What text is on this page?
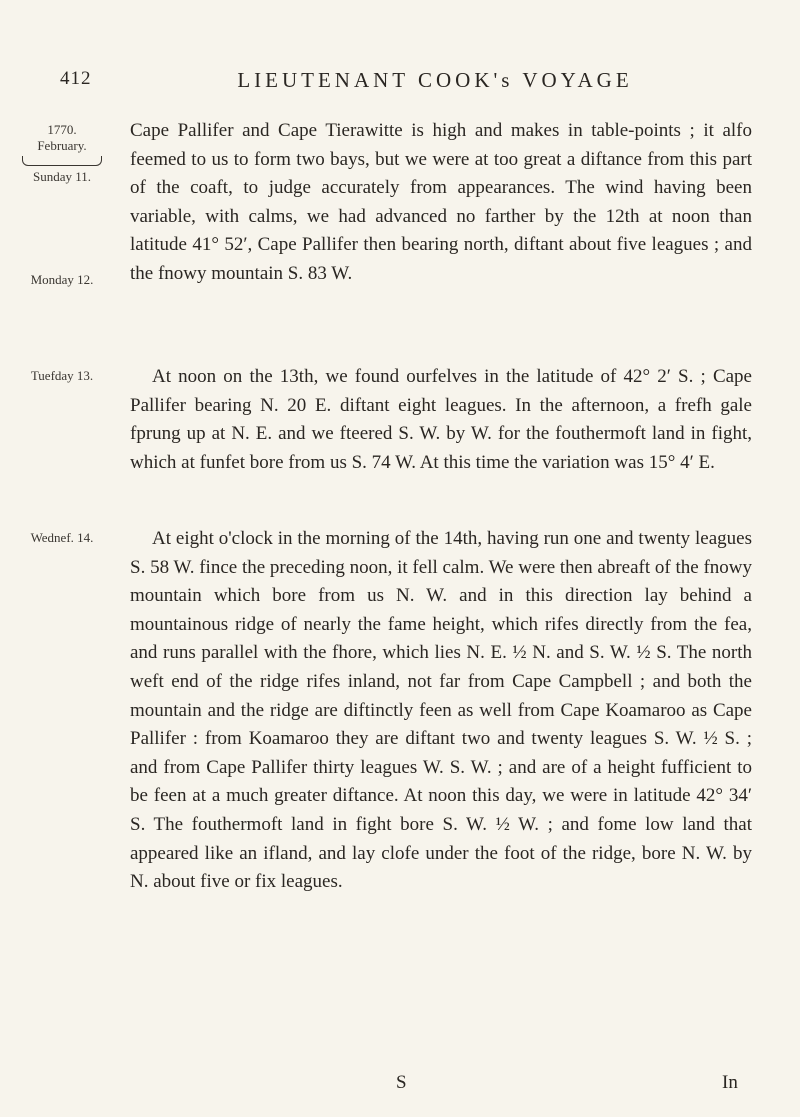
412	LIEUTENANT COOK's VOYAGE
1770.
February.
Sunday 11.
Monday 12.
Tuefday 13.
Wednef. 14.

Cape Pallifer and Cape Tierawitte is high and makes in table-points ; it alfo feemed to us to form two bays, but we were at too great a diftance from this part of the coaft, to judge accurately from appearances. The wind having been variable, with calms, we had advanced no farther by the 12th at noon than latitude 41° 52′, Cape Pallifer then bearing north, diftant about five leagues ; and the fnowy mountain S. 83 W.

At noon on the 13th, we found ourfelves in the latitude of 42° 2′ S. ; Cape Pallifer bearing N. 20 E. diftant eight leagues. In the afternoon, a frefh gale fprung up at N. E. and we fteered S. W. by W. for the fouthermoft land in fight, which at funfet bore from us S. 74 W. At this time the variation was 15° 4′ E.

At eight o'clock in the morning of the 14th, having run one and twenty leagues S. 58 W. fince the preceding noon, it fell calm. We were then abreaft of the fnowy mountain which bore from us N. W. and in this direction lay behind a mountainous ridge of nearly the fame height, which rifes directly from the fea, and runs parallel with the fhore, which lies N. E. ½ N. and S. W. ½ S. The north weft end of the ridge rifes inland, not far from Cape Campbell ; and both the mountain and the ridge are diftinctly feen as well from Cape Koamaroo as Cape Pallifer : from Koamaroo they are diftant two and twenty leagues S. W. ½ S. ; and from Cape Pallifer thirty leagues W. S. W. ; and are of a height fufficient to be feen at a much greater diftance. At noon this day, we were in latitude 42° 34′ S. The fouthermoft land in fight bore S. W. ½ W. ; and fome low land that appeared like an ifland, and lay clofe under the foot of the ridge, bore N. W. by N. about five or fix leagues.

S	In
